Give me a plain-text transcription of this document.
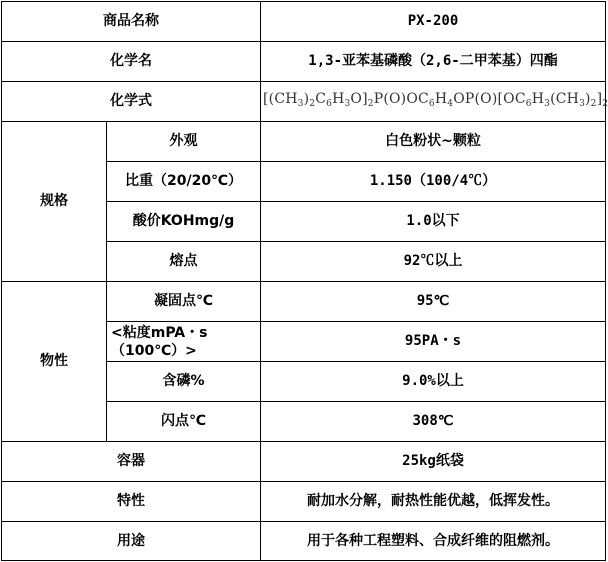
商品名称		PX-200
化学名		1,3-亚苯基磷酸（2,6-二甲苯基）四酯
化学式		$[(CH_3)_2C_6H_3O]_2P(O)OC_6H_4OP(O)[OC_6H_3(CH_3)_2]_2$
规格	外观	白色粉状~颗粒
	比重（20/20℃）	1.150（100/4℃）
	酸价KOHmg/g	1.0以下
	熔点	92℃以上
物性	凝固点℃	95℃
	<粘度mPA・s（100℃）>	95PA・s
	含磷%	9.0%以上
	闪点℃	308℃
容器		25kg纸袋
特性		耐加水分解，耐热性能优越，低挥发性。
用途		用于各种工程塑料、合成纤维的阻燃剂。
